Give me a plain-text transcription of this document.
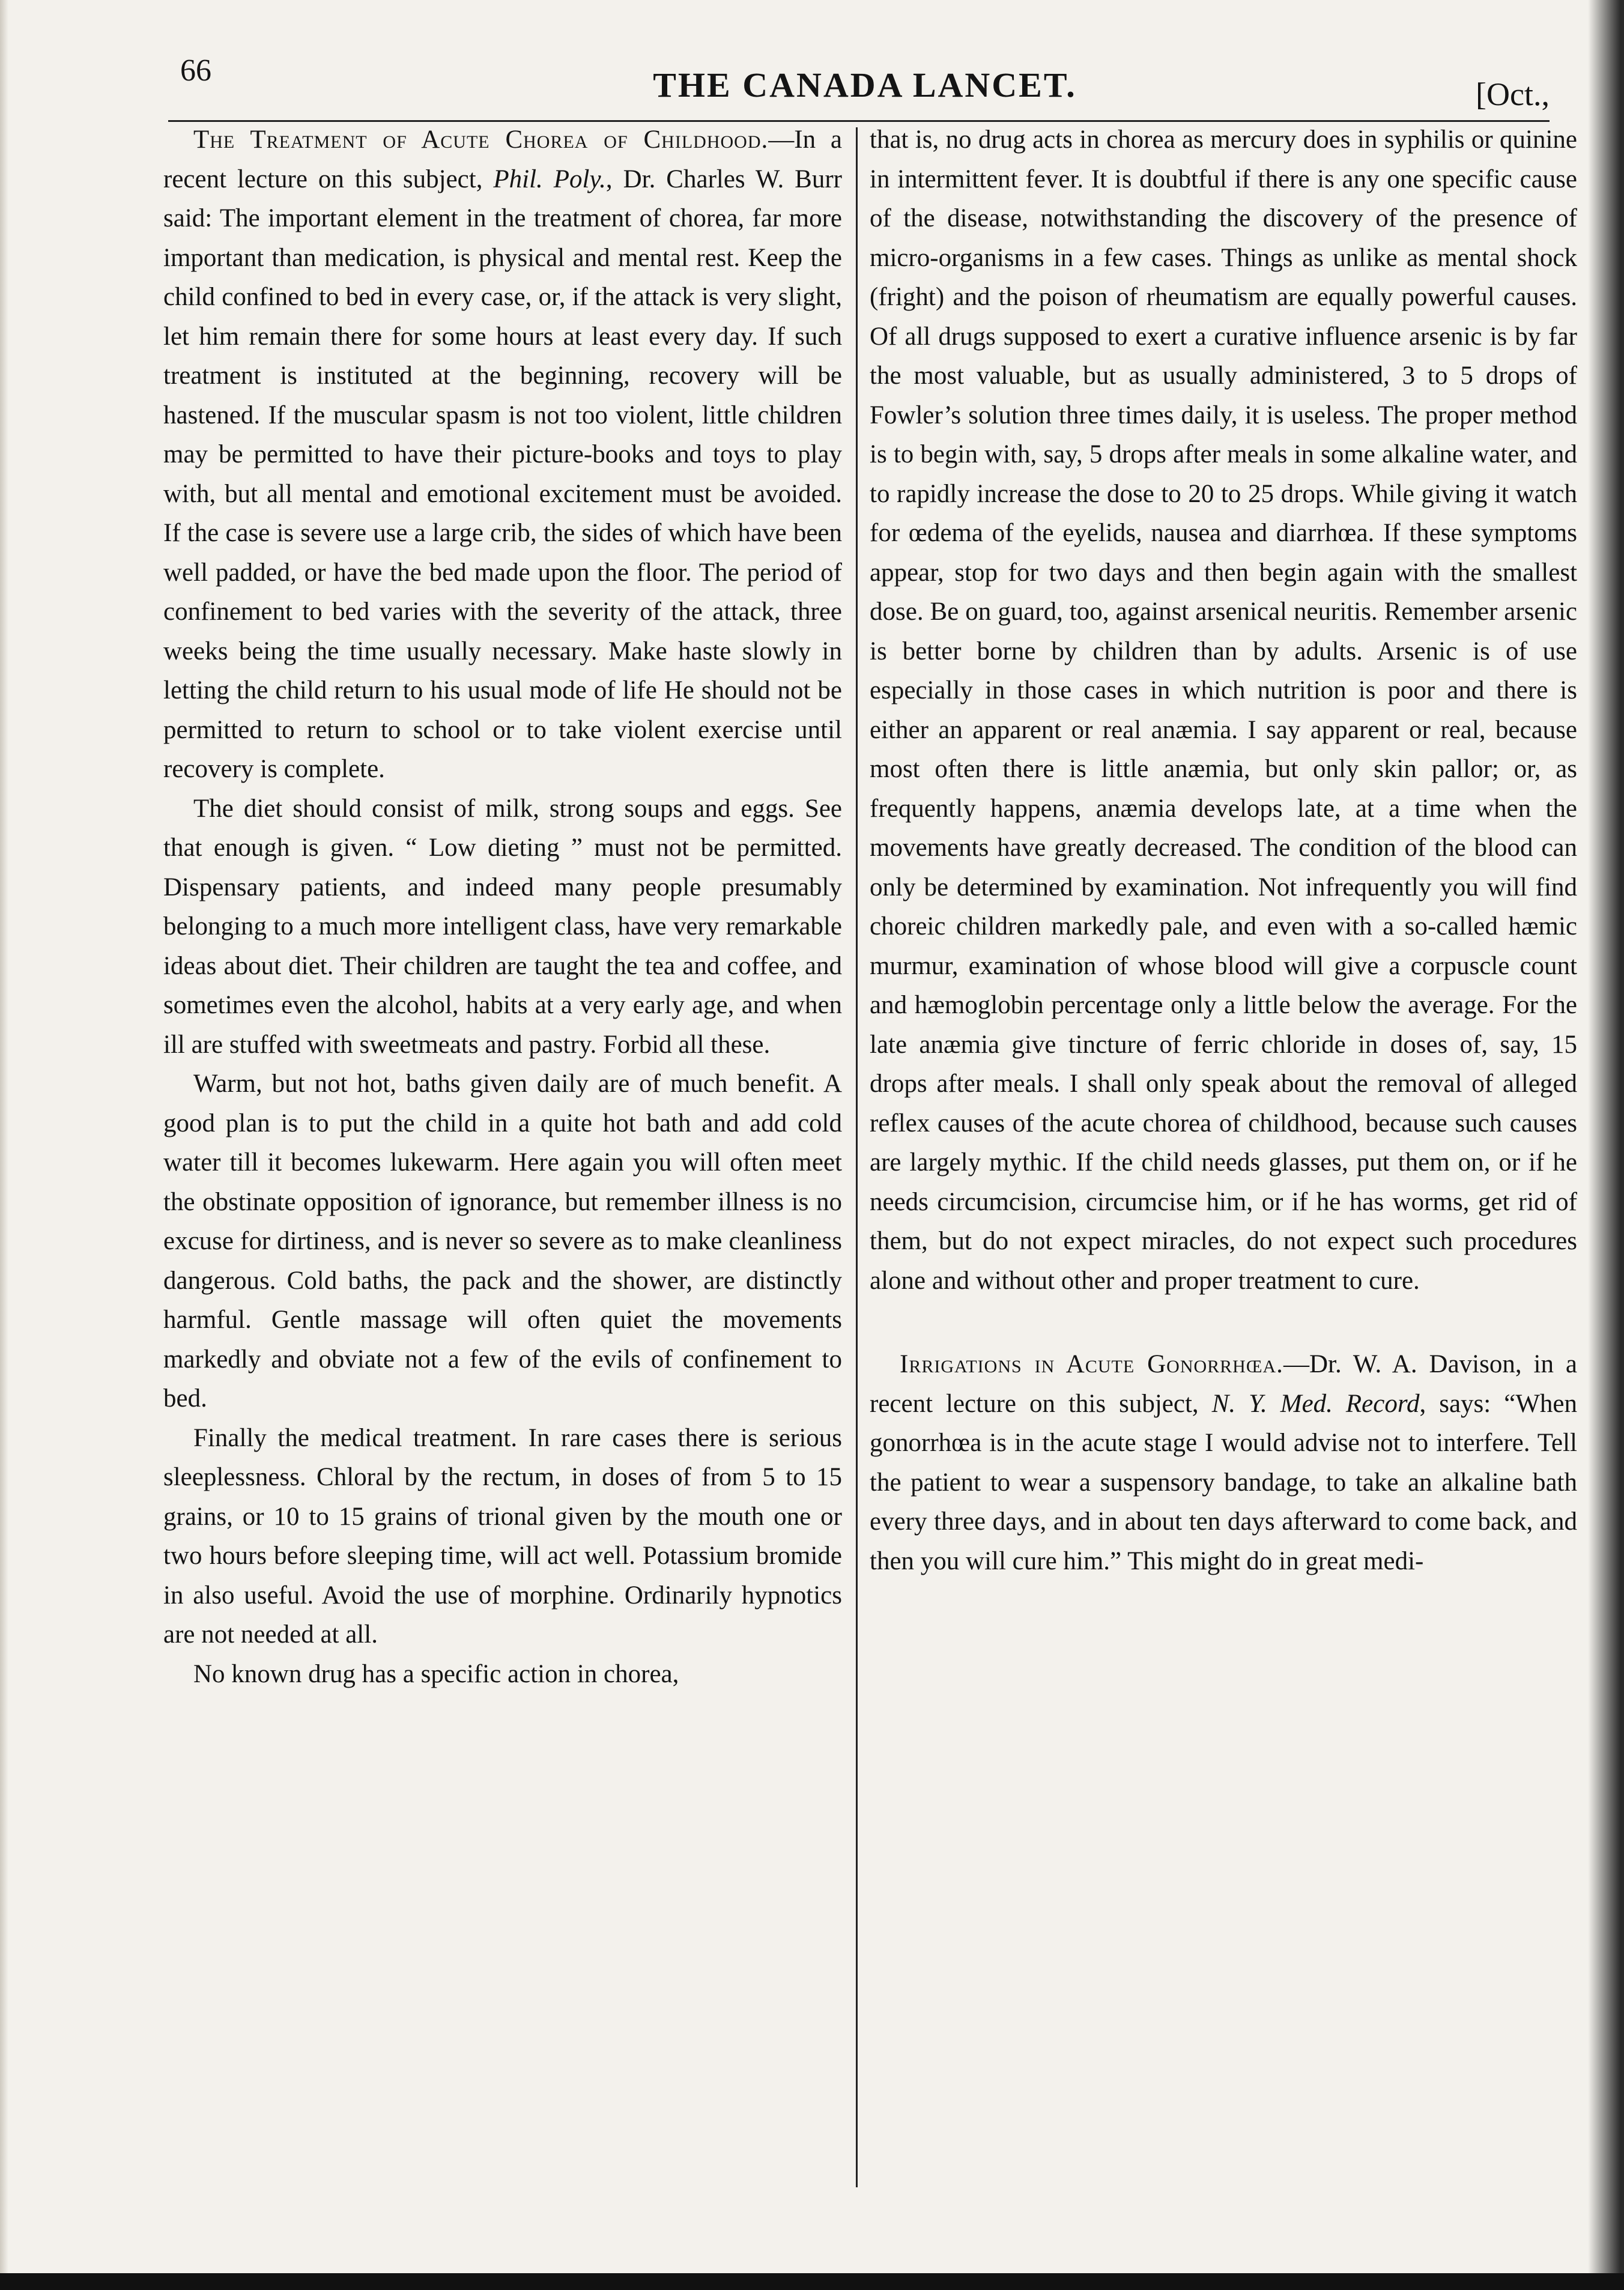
66	THE CANADA LANCET.	[Oct.,

The Treatment of Acute Chorea of Childhood.—In a recent lecture on this subject, Phil. Poly., Dr. Charles W. Burr said: The important element in the treatment of chorea, far more important than medication, is physical and mental rest. Keep the child confined to bed in every case, or, if the attack is very slight, let him remain there for some hours at least every day. If such treatment is instituted at the beginning, recovery will be hastened. If the muscular spasm is not too violent, little children may be permitted to have their picture-books and toys to play with, but all mental and emotional excitement must be avoided. If the case is severe use a large crib, the sides of which have been well padded, or have the bed made upon the floor. The period of confinement to bed varies with the severity of the attack, three weeks being the time usually necessary. Make haste slowly in letting the child return to his usual mode of life He should not be permitted to return to school or to take violent exercise until recovery is complete.

The diet should consist of milk, strong soups and eggs. See that enough is given. “ Low dieting ” must not be permitted. Dispensary patients, and indeed many people presumably belonging to a much more intelligent class, have very remarkable ideas about diet. Their children are taught the tea and coffee, and sometimes even the alcohol, habits at a very early age, and when ill are stuffed with sweetmeats and pastry. Forbid all these.

Warm, but not hot, baths given daily are of much benefit. A good plan is to put the child in a quite hot bath and add cold water till it becomes lukewarm. Here again you will often meet the obstinate opposition of ignorance, but remember illness is no excuse for dirtiness, and is never so severe as to make cleanliness dangerous. Cold baths, the pack and the shower, are distinctly harmful. Gentle massage will often quiet the movements markedly and obviate not a few of the evils of confinement to bed.

Finally the medical treatment. In rare cases there is serious sleeplessness. Chloral by the rectum, in doses of from 5 to 15 grains, or 10 to 15 grains of trional given by the mouth one or two hours before sleeping time, will act well. Potassium bromide in also useful. Avoid the use of morphine. Ordinarily hypnotics are not needed at all.

No known drug has a specific action in chorea,

that is, no drug acts in chorea as mercury does in syphilis or quinine in intermittent fever. It is doubtful if there is any one specific cause of the disease, notwithstanding the discovery of the presence of micro-organisms in a few cases. Things as unlike as mental shock (fright) and the poison of rheumatism are equally powerful causes. Of all drugs supposed to exert a curative influence arsenic is by far the most valuable, but as usually administered, 3 to 5 drops of Fowler’s solution three times daily, it is useless. The proper method is to begin with, say, 5 drops after meals in some alkaline water, and to rapidly increase the dose to 20 to 25 drops. While giving it watch for œdema of the eyelids, nausea and diarrhœa. If these symptoms appear, stop for two days and then begin again with the smallest dose. Be on guard, too, against arsenical neuritis. Remember arsenic is better borne by children than by adults. Arsenic is of use especially in those cases in which nutrition is poor and there is either an apparent or real anæmia. I say apparent or real, because most often there is little anæmia, but only skin pallor; or, as frequently happens, anæmia develops late, at a time when the movements have greatly decreased. The condition of the blood can only be determined by examination. Not infrequently you will find choreic children markedly pale, and even with a so-called hæmic murmur, examination of whose blood will give a corpuscle count and hæmoglobin percentage only a little below the average. For the late anæmia give tincture of ferric chloride in doses of, say, 15 drops after meals. I shall only speak about the removal of alleged reflex causes of the acute chorea of childhood, because such causes are largely mythic. If the child needs glasses, put them on, or if he needs circumcision, circumcise him, or if he has worms, get rid of them, but do not expect miracles, do not expect such procedures alone and without other and proper treatment to cure.

Irrigations in Acute Gonorrhœa.—Dr. W. A. Davison, in a recent lecture on this subject, N. Y. Med. Record, says: “When gonorrhœa is in the acute stage I would advise not to interfere. Tell the patient to wear a suspensory bandage, to take an alkaline bath every three days, and in about ten days afterward to come back, and then you will cure him.” This might do in great medi-
